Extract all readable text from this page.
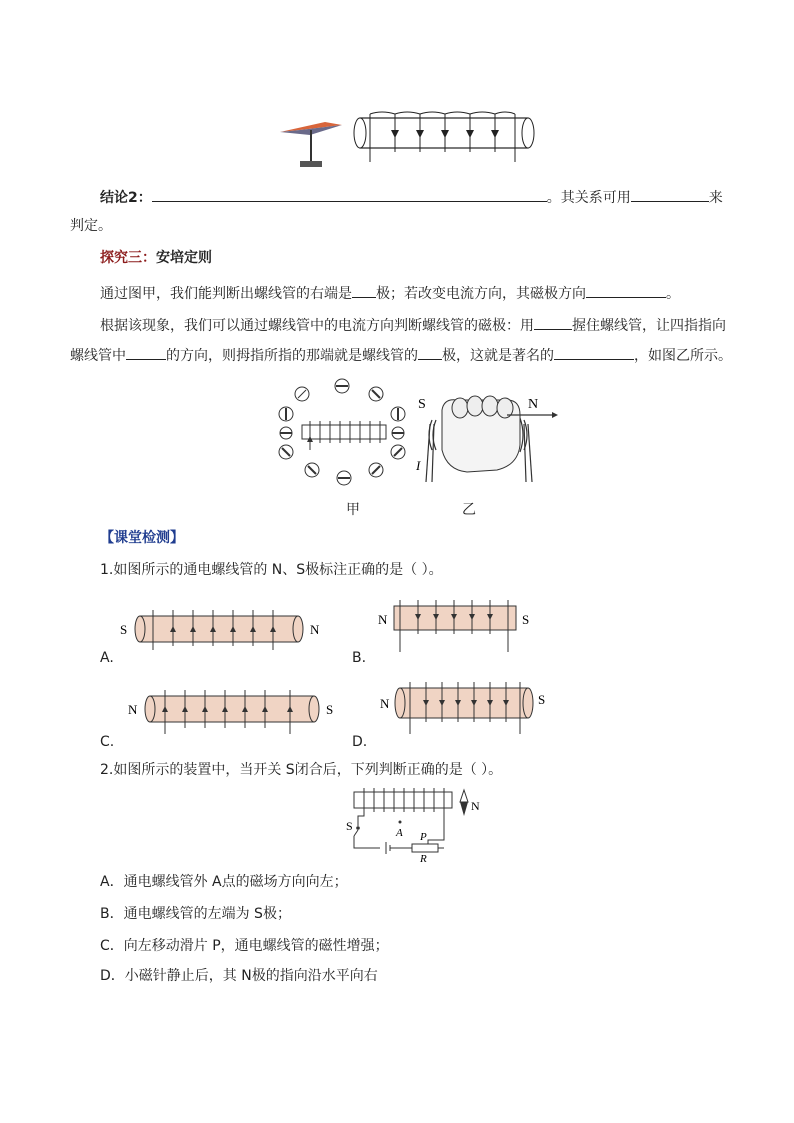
结论2：	。其关系可用	来
判定。
探究三：安培定则
通过图甲，我们能判断出螺线管的右端是 极；若改变电流方向，其磁极方向	。
根据该现象，我们可以通过螺线管中的电流方向判断螺线管的磁极：用	握住螺线管，让四指指向
螺线管中	的方向，则拇指所指的那端就是螺线管的 极，这就是著名的	，如图乙所示。
S	N
I
甲	乙
【课堂检测】
1.如图所示的通电螺线管的 N、S极标注正确的是（ ）。
S	N
A.
N	S
B.
N	S
C.
N	S
D.
2.如图所示的装置中，当开关 S闭合后，下列判断正确的是（ ）。
S	A P
R
N
A．通电螺线管外 A点的磁场方向向左；
B．通电螺线管的左端为 S极；
C．向左移动滑片 P，通电螺线管的磁性增强；
D．小磁针静止后，其 N极的指向沿水平向右
